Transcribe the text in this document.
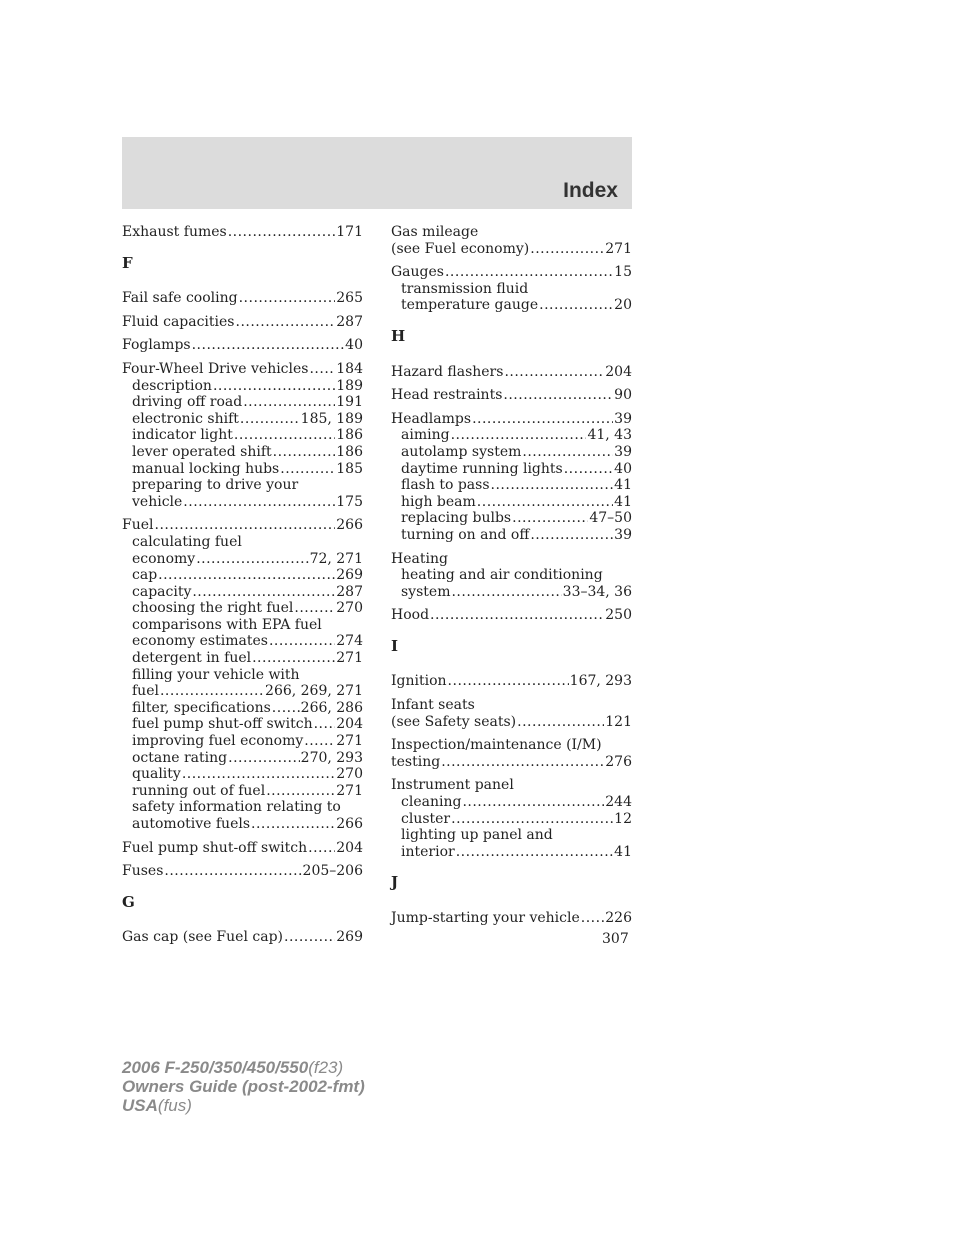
Index
Exhaust fumes .....	171
F
Fail safe cooling .....	265
Fluid capacities .....	287
Foglamps .....	40
Four-Wheel Drive vehicles ..... 184
description .....	189
driving off road .....	191
electronic shift .....	185, 189
indicator light .....	186
lever operated shift .....	186
manual locking hubs .....	185
preparing to drive your
vehicle .....	175
Fuel .....	266
calculating fuel
economy .....	72, 271
cap .....	269
capacity .....	287
choosing the right fuel .....	270
comparisons with EPA fuel
economy estimates .....	274
detergent in fuel .....	271
filling your vehicle with
fuel .....	266, 269, 271
filter, specifications ..... 266, 286
fuel pump shut-off switch ..... 204
improving fuel economy ..... 271
octane rating .....	270, 293
quality .....	270
running out of fuel .....	271
safety information relating to
automotive fuels .....	266
Fuel pump shut-off switch ..... 204
Fuses .....	205–206
G
Gas cap (see Fuel cap) .....	269
Gas mileage
(see Fuel economy) .....	271
Gauges .....	15
transmission fluid
temperature gauge .....	20
H
Hazard flashers .....	204
Head restraints .....	90
Headlamps .....	39
aiming .....	41, 43
autolamp system .....	39
daytime running lights .....	40
flash to pass .....	41
high beam .....	41
replacing bulbs .....	47–50
turning on and off .....	39
Heating
heating and air conditioning
system .....	33–34, 36
Hood .....	250
I
Ignition .....	167, 293
Infant seats
(see Safety seats) .....	121
Inspection/maintenance (I/M)
testing .....	276
Instrument panel
cleaning .....	244
cluster .....	12
lighting up panel and
interior .....	41
J
Jump-starting your vehicle ..... 226
307
2006 F-250/350/450/550(f23)
Owners Guide (post-2002-fmt)
USA(fus)
